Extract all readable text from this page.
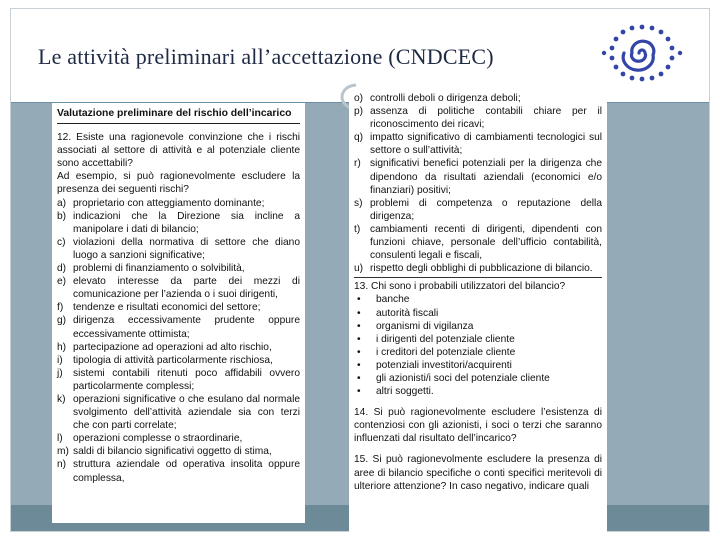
Le attività preliminari all’accettazione (CNDCEC)
Valutazione preliminare del rischio dell’incarico
12. Esiste una ragionevole convinzione che i rischi associati al settore di attività e al potenziale cliente sono accettabili?
Ad esempio, si può ragionevolmente escludere la presenza dei seguenti rischi?
a) proprietario con atteggiamento dominante;
b) indicazioni che la Direzione sia incline a manipolare i dati di bilancio;
c) violazioni della normativa di settore che diano luogo a sanzioni significative;
d) problemi di finanziamento o solvibilità,
e) elevato interesse da parte dei mezzi di comunicazione per l’azienda o i suoi dirigenti,
f) tendenze e risultati economici del settore;
g) dirigenza eccessivamente prudente oppure eccessivamente ottimista;
h) partecipazione ad operazioni ad alto rischio,
i)	tipologia di attività particolarmente rischiosa,
j)	sistemi contabili ritenuti poco affidabili ovvero particolarmente complessi;
k) operazioni significative o che esulano dal normale svolgimento dell’attività aziendale sia con terzi che con parti correlate;
l)	operazioni complesse o straordinarie,
m) saldi di bilancio significativi oggetto di stima,
n) struttura aziendale od operativa insolita oppure complessa,
o) controlli deboli o dirigenza deboli;
p) assenza di politiche contabili chiare per il riconoscimento dei ricavi;
q) impatto significativo di cambiamenti tecnologici sul settore o sull’attività;
r) significativi benefici potenziali per la dirigenza che dipendono da risultati aziendali (economici e/o finanziari) positivi;
s) problemi di competenza o reputazione della dirigenza;
t) cambiamenti recenti di dirigenti, dipendenti con funzioni chiave, personale dell’ufficio contabilità, consulenti legali e fiscali,
u) rispetto degli obblighi di pubblicazione di bilancio.
13. Chi sono i probabili utilizzatori del bilancio?
•	banche
•	autorità fiscali
•	organismi di vigilanza
•	i dirigenti del potenziale cliente
•	i creditori del potenziale cliente
•	potenziali investitori/acquirenti
•	gli azionisti/i soci del potenziale cliente
•	altri soggetti.
14. Si può ragionevolmente escludere l’esistenza di contenziosi con gli azionisti, i soci o terzi che saranno influenzati dal risultato dell’incarico?
15. Si può ragionevolmente escludere la presenza di aree di bilancio specifiche o conti specifici meritevoli di ulteriore attenzione? In caso negativo, indicare quali
